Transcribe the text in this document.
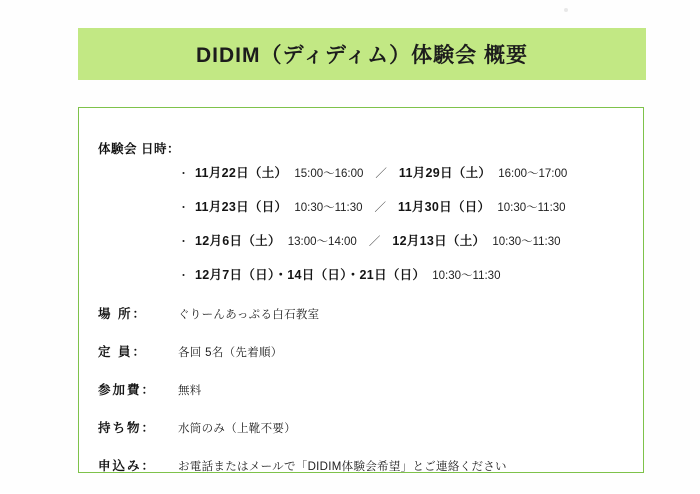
DIDIM（ディディム）体験会 概要
体験会 日時：
・ 11月22日（土） 15:00〜16:00 ／ 11月29日（土） 16:00〜17:00
・ 11月23日（日） 10:30〜11:30 ／ 11月30日（日） 10:30〜11:30
・ 12月6日（土） 13:00〜14:00 ／ 12月13日（土） 10:30〜11:30
・ 12月7日（日）・14日（日）・21日（日） 10:30〜11:30
場 所：	ぐりーんあっぷる白石教室
定 員：	各回 5名（先着順）
参加費：	無料
持ち物：	水筒のみ（上靴不要）
申込み：	お電話またはメールで「DIDIM体験会希望」とご連絡ください
